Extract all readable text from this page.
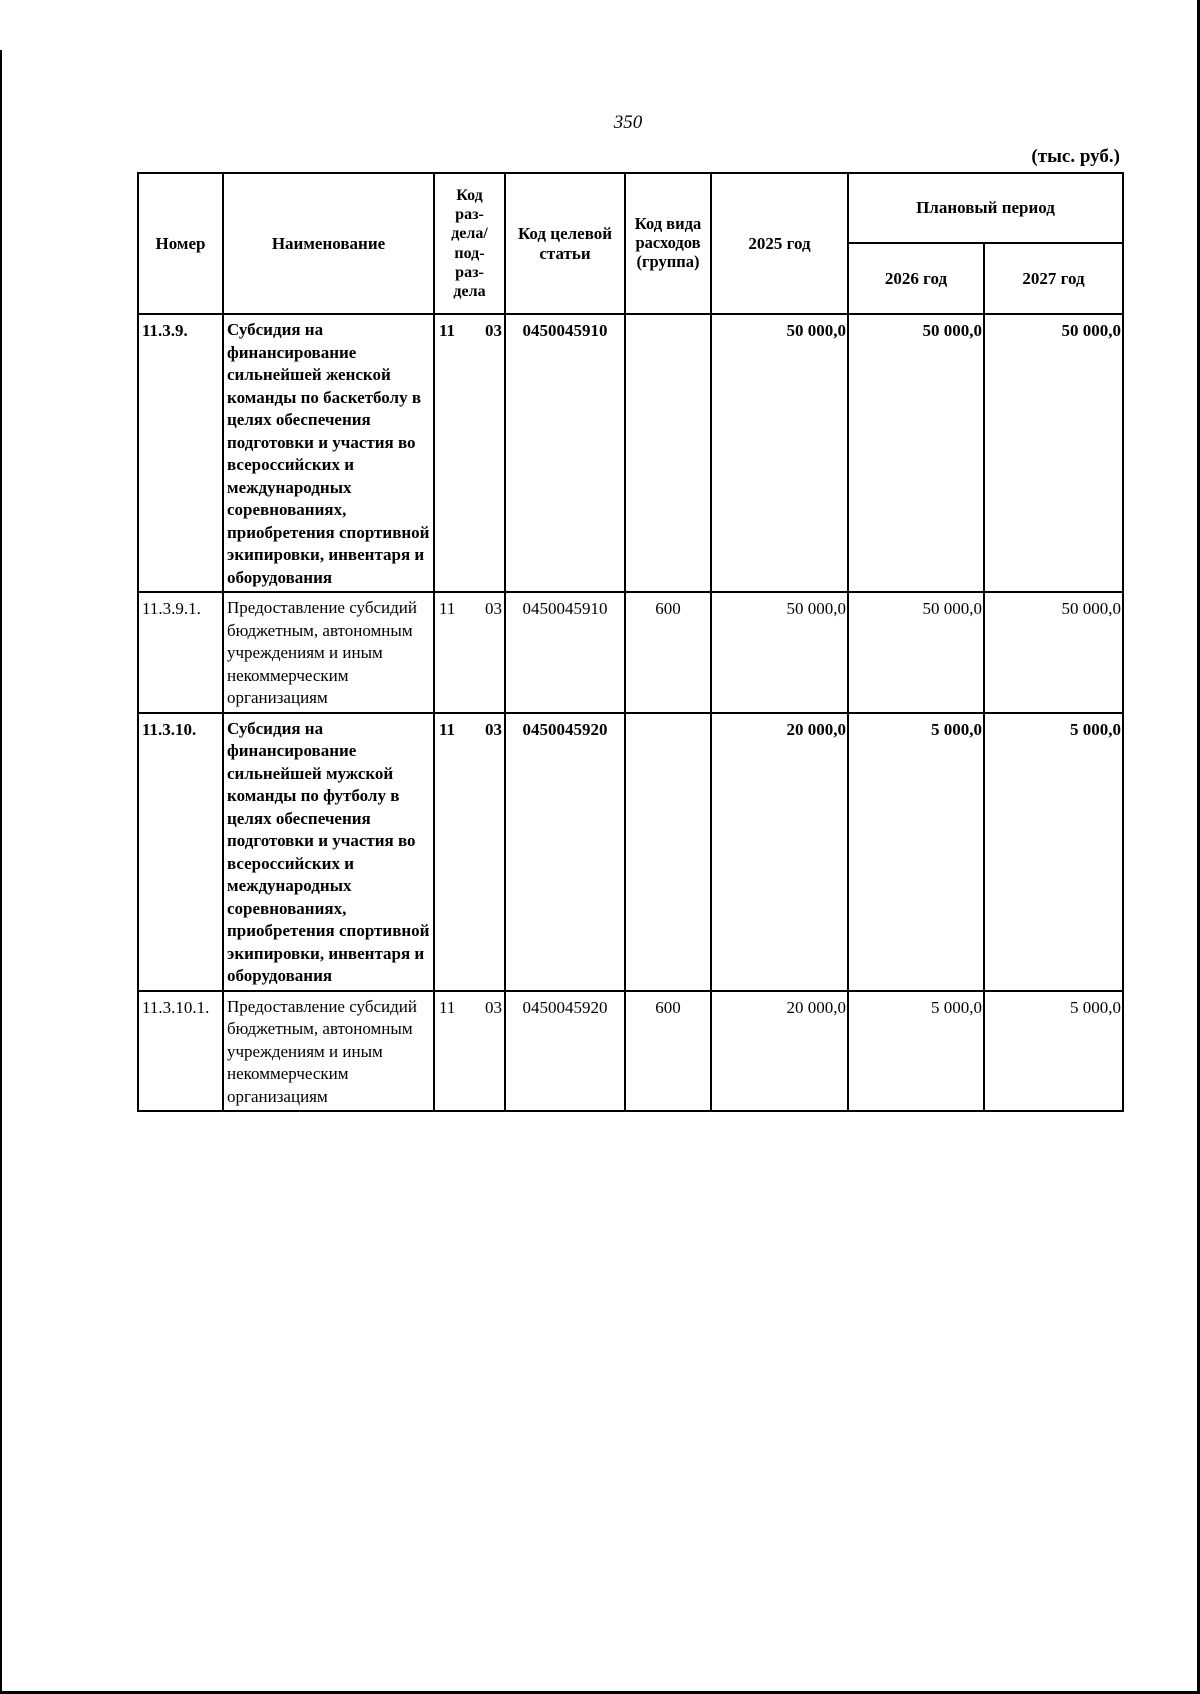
350
(тыс. руб.)
Номер	Наименование	Код раз-дела/ под-раз-дела	Код целевой статьи	Код вида расходов (группа)	2025 год	Плановый период	
						2026 год	2027 год
11.3.9.	Субсидия на финансирование сильнейшей женской команды по баскетболу в целях обеспечения подготовки и участия во всероссийских и международных соревнованиях, приобретения спортивной экипировки, инвентаря и оборудования	11 03	0450045910		50 000,0	50 000,0	50 000,0
11.3.9.1.	Предоставление субсидий бюджетным, автономным учреждениям и иным некоммерческим организациям	11 03	0450045910	600	50 000,0	50 000,0	50 000,0
11.3.10.	Субсидия на финансирование сильнейшей мужской команды по футболу в целях обеспечения подготовки и участия во всероссийских и международных соревнованиях, приобретения спортивной экипировки, инвентаря и оборудования	11 03	0450045920		20 000,0	5 000,0	5 000,0
11.3.10.1.	Предоставление субсидий бюджетным, автономным учреждениям и иным некоммерческим организациям	11 03	0450045920	600	20 000,0	5 000,0	5 000,0
